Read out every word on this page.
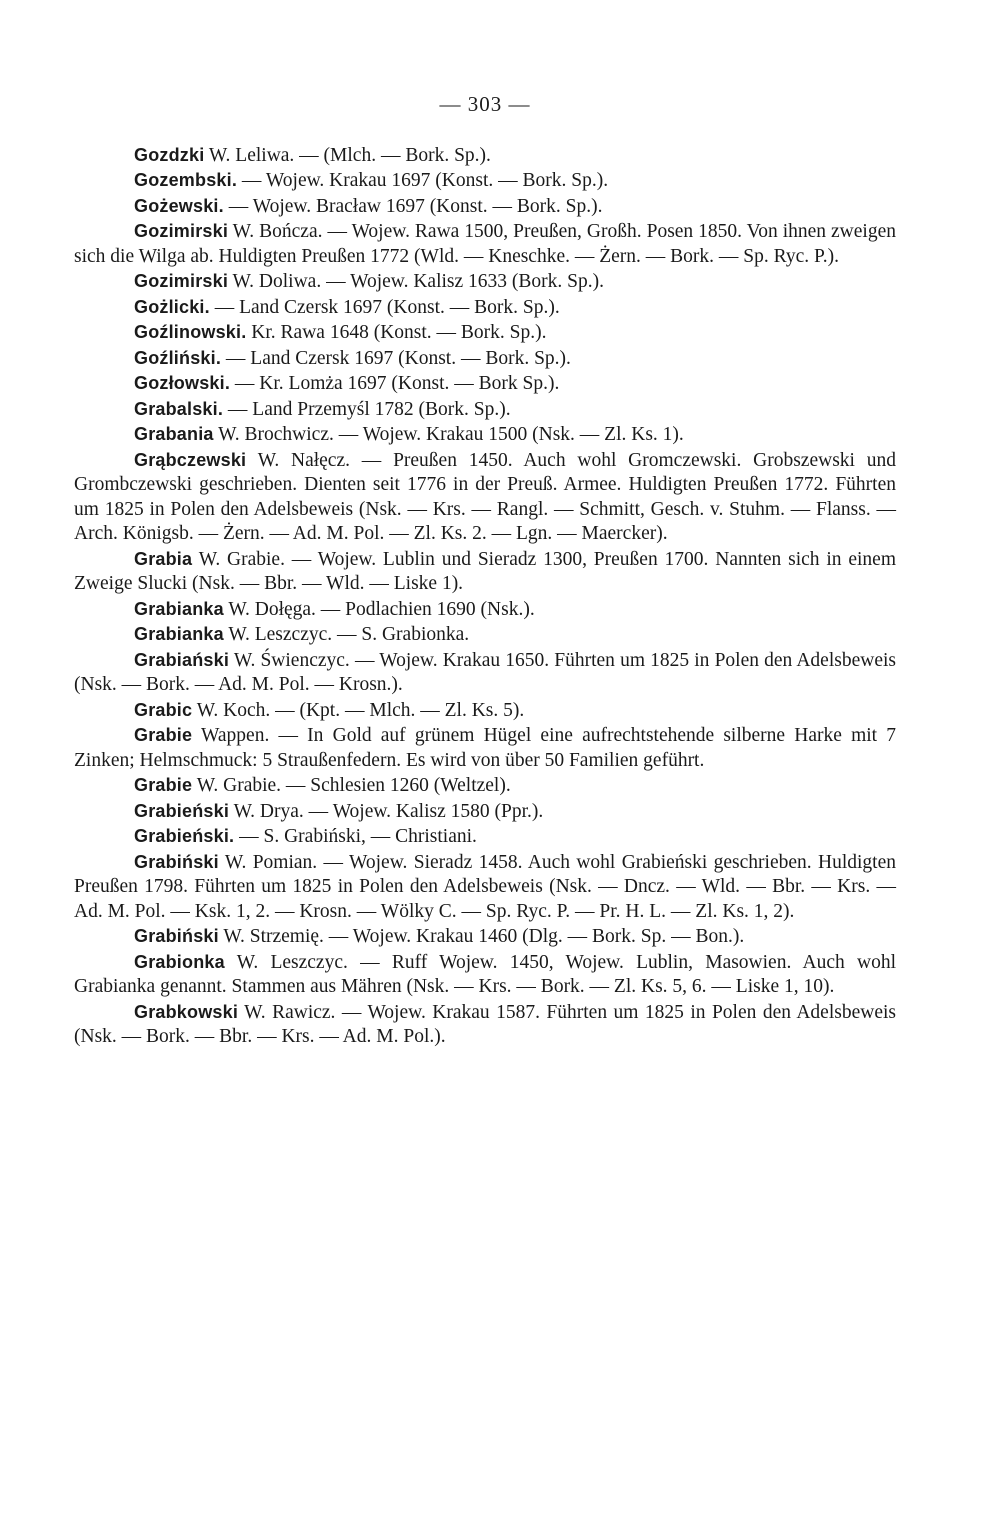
— 303 —

Gozdzki W. Leliwa. — (Mlch. — Bork. Sp.).

Gozembski. — Wojew. Krakau 1697 (Konst. — Bork. Sp.).

Gożewski. — Wojew. Bracław 1697 (Konst. — Bork. Sp.).

Gozimirski W. Bończa. — Wojew. Rawa 1500, Preußen, Großh. Posen 1850. Von ihnen zweigen sich die Wilga ab. Huldigten Preußen 1772 (Wld. — Kneschke. — Żern. — Bork. — Sp. Ryc. P.).

Gozimirski W. Doliwa. — Wojew. Kalisz 1633 (Bork. Sp.).

Gożlicki. — Land Czersk 1697 (Konst. — Bork. Sp.).

Goźlinowski. Kr. Rawa 1648 (Konst. — Bork. Sp.).

Goźliński. — Land Czersk 1697 (Konst. — Bork. Sp.).

Gozłowski. — Kr. Lomża 1697 (Konst. — Bork Sp.).

Grabalski. — Land Przemyśl 1782 (Bork. Sp.).

Grabania W. Brochwicz. — Wojew. Krakau 1500 (Nsk. — Zl. Ks. 1).

Grąbczewski W. Nałęcz. — Preußen 1450. Auch wohl Gromczewski. Grobszewski und Grombczewski geschrieben. Dienten seit 1776 in der Preuß. Armee. Huldigten Preußen 1772. Führten um 1825 in Polen den Adelsbeweis (Nsk. — Krs. — Rangl. — Schmitt, Gesch. v. Stuhm. — Flanss. — Arch. Königsb. — Żern. — Ad. M. Pol. — Zl. Ks. 2. — Lgn. — Maercker).

Grabia W. Grabie. — Wojew. Lublin und Sieradz 1300, Preußen 1700. Nannten sich in einem Zweige Slucki (Nsk. — Bbr. — Wld. — Liske 1).

Grabianka W. Dołęga. — Podlachien 1690 (Nsk.).

Grabianka W. Leszczyc. — S. Grabionka.

Grabiański W. Świenczyc. — Wojew. Krakau 1650. Führten um 1825 in Polen den Adelsbeweis (Nsk. — Bork. — Ad. M. Pol. — Krosn.).

Grabic W. Koch. — (Kpt. — Mlch. — Zl. Ks. 5).

Grabie Wappen. — In Gold auf grünem Hügel eine aufrechtstehende silberne Harke mit 7 Zinken; Helmschmuck: 5 Straußenfedern. Es wird von über 50 Familien geführt.

Grabie W. Grabie. — Schlesien 1260 (Weltzel).

Grabieński W. Drya. — Wojew. Kalisz 1580 (Ppr.).

Grabieński. — S. Grabiński, — Christiani.

Grabiński W. Pomian. — Wojew. Sieradz 1458. Auch wohl Grabieński geschrieben. Huldigten Preußen 1798. Führten um 1825 in Polen den Adelsbeweis (Nsk. — Dncz. — Wld. — Bbr. — Krs. — Ad. M. Pol. — Ksk. 1, 2. — Krosn. — Wölky C. — Sp. Ryc. P. — Pr. H. L. — Zl. Ks. 1, 2).

Grabiński W. Strzemię. — Wojew. Krakau 1460 (Dlg. — Bork. Sp. — Bon.).

Grabionka W. Leszczyc. — Ruff Wojew. 1450, Wojew. Lublin, Masowien. Auch wohl Grabianka genannt. Stammen aus Mähren (Nsk. — Krs. — Bork. — Zl. Ks. 5, 6. — Liske 1, 10).

Grabkowski W. Rawicz. — Wojew. Krakau 1587. Führten um 1825 in Polen den Adelsbeweis (Nsk. — Bork. — Bbr. — Krs. — Ad. M. Pol.).
